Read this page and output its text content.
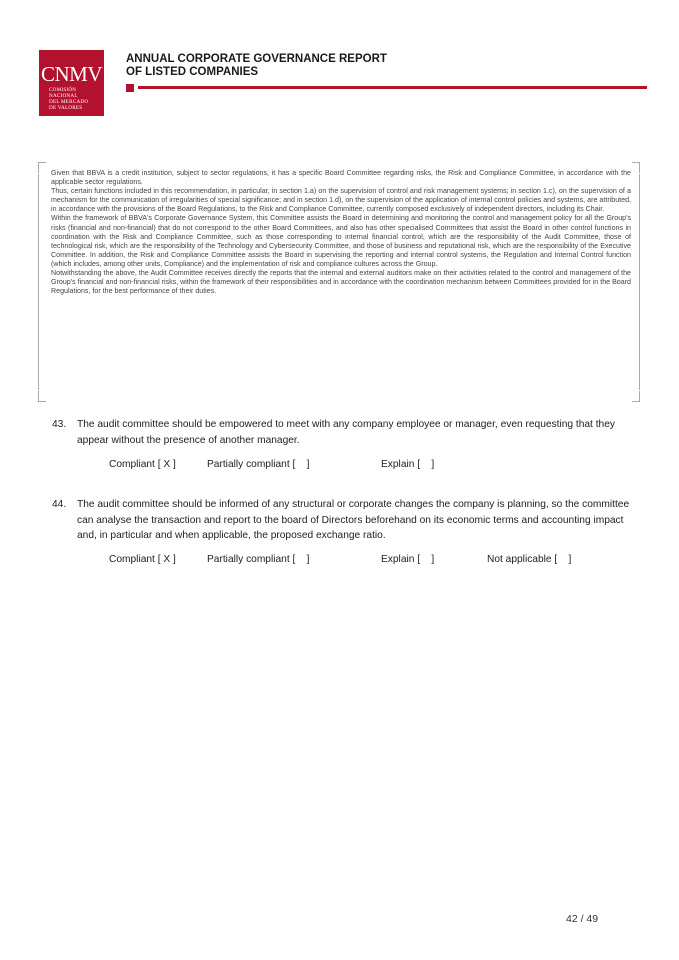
CNMV
COMISIÓN
NACIONAL
DEL MERCADO
DE VALORES
ANNUAL CORPORATE GOVERNANCE REPORT
OF LISTED COMPANIES

Given that BBVA is a credit institution, subject to sector regulations, it has a specific Board Committee regarding risks, the Risk and Compliance Committee, in accordance with the applicable sector regulations.

Thus, certain functions included in this recommendation, in particular, in section 1.a) on the supervision of control and risk management systems; in section 1.c), on the supervision of a mechanism for the communication of irregularities of special significance; and in section 1.d), on the supervision of the application of internal control policies and systems, are attributed, in accordance with the provisions of the Board Regulations, to the Risk and Compliance Committee, currently composed exclusively of independent directors, including its Chair.

Within the framework of BBVA's Corporate Governance System, this Committee assists the Board in determining and monitoring the control and management policy for all the Group's risks (financial and non-financial) that do not correspond to the other Board Committees, and also has other specialised Committees that assist the Board in other control functions in coordination with the Risk and Compliance Committee, such as those corresponding to internal financial control, which are the responsibility of the Audit Committee, those of technological risk, which are the responsibility of the Technology and Cybersecurity Committee, and those of business and reputational risk, which are the responsibility of the Executive Committee. In addition, the Risk and Compliance Committee assists the Board in supervising the reporting and internal control systems, the Regulation and Internal Control function (which includes, among other units, Compliance) and the implementation of risk and compliance cultures across the Group.

Notwithstanding the above, the Audit Committee receives directly the reports that the internal and external auditors make on their activities related to the control and management of the Group's financial and non-financial risks, within the framework of their responsibilities and in accordance with the coordination mechanism between Committees provided for in the Board Regulations, for the best performance of their duties.

43. The audit committee should be empowered to meet with any company employee or manager, even requesting that they appear without the presence of another manager.

Compliant [ X ]

	Partially compliant [    ]

	Explain [    ]

44. The audit committee should be informed of any structural or corporate changes the company is planning, so the committee can analyse the transaction and report to the board of Directors beforehand on its economic terms and accounting impact and, in particular and when applicable, the proposed exchange ratio.

Compliant [ X ]

	Partially compliant [    ]

	Explain [    ]

	Not applicable [    ]

42 / 49
